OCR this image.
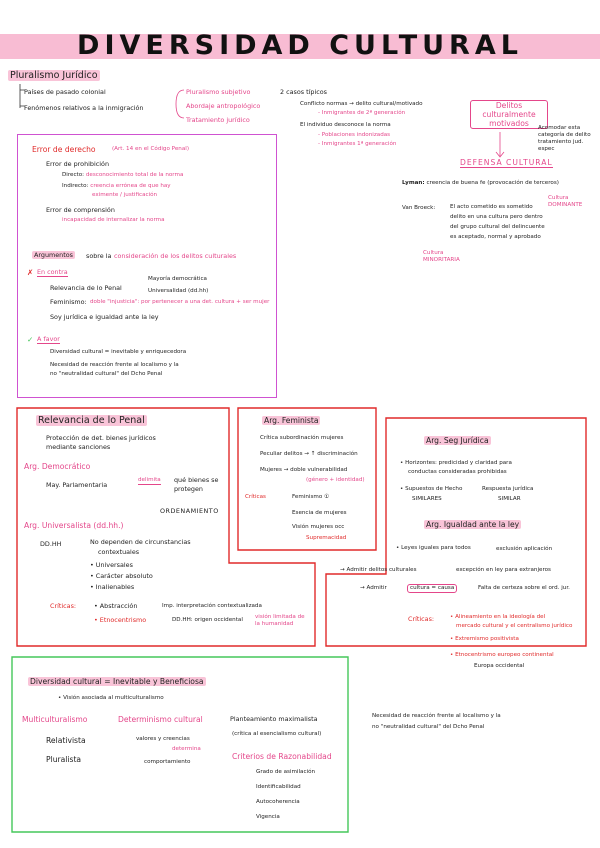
DIVERSIDAD CULTURAL
Pluralismo Jurídico
Países de pasado colonial
Fenómenos relativos a la inmigración
Pluralismo subjetivo
Abordaje antropológico
Tratamiento jurídico
2 casos típicos
Conflicto normas → delito cultural/motivado
- Inmigrantes de 2ª generación
El individuo desconoce la norma
- Poblaciones indonizadas
- Inmigrantes 1ª generación
Delitos culturalmente motivados	Acomodar esta categoría de delito tratamiento jud. espec
DEFENSA CULTURAL
Lyman: creencia de buena fe (provocación de terceros)
Van Broeck:	El acto cometido es sometido
delito en una cultura pero dentro
del grupo cultural del delincuente
es aceptado, normal y aprobado
Cultura DOMINANTE
Cultura MINORITARIA
Error de derecho	(Art. 14 en el Código Penal)
Error de prohibición
Directo: desconocimiento total de la norma
Indirecto: creencia errónea de que hay
eximente / justificación
Error de comprensión
incapacidad de internalizar la norma
Argumentos	sobre la consideración de los delitos culturales
✗ En contra
Relevancia de lo Penal
Mayoría democrática
Universalidad (dd.hh)
Feminismo: doble "injusticia": por pertenecer a una det. cultura + ser mujer
Soy jurídica e igualdad ante la ley
✓ A favor
Diversidad cultural = inevitable y enriquecedora
Necesidad de reacción frente al localismo y la
no "neutralidad cultural" del Dcho Penal
Relevancia de lo Penal
Protección de det. bienes jurídicos
mediante sanciones
Arg. Democrático
May. Parlamentaria
delimita qué bienes se
protegen
ORDENAMIENTO
Arg. Universalista (dd.hh.)
DD.HH	No dependen de circunstancias
contextuales
• Universales
• Carácter absoluto
• Inalienables
Críticas:	• Abstracción	Imp. interpretación contextualizada
• Etnocentrismo	DD.HH: origen occidental visión limitada de la humanidad
Arg. Feminista
Crítica subordinación mujeres
Peculiar delitos → ↑ discriminación
Mujeres → doble vulnerabilidad
(género + identidad)
Críticas	Feminismo ①
Esencia de mujeres
Visión mujeres occ
Supremacidad
Arg. Seg Jurídica
• Horizontes: predicidad y claridad para
conductas consideradas prohibidas
• Supuestos de Hecho
SIMILARES
Respuesta jurídica
SIMILAR
Arg. Igualdad ante la ley
• Leyes iguales para todos	exclusión aplicación
→ Admitir delitos culturales	excepción en ley para extranjeros
→ Admitir	cultura = causa	Falta de certeza sobre el ord. jur.
Críticas:	• Alineamiento en la ideología del
mercado cultural y el centralismo jurídico
• Extremismo positivista
• Etnocentrismo europeo continental
Europa occidental
Diversidad cultural = Inevitable y Beneficiosa
• Visión asociada al multiculturalismo
Multiculturalismo
Relativista
Pluralista
Determinismo cultural
valores y creencias
determina
comportamiento
Planteamiento maximalista
(crítica al esencialismo cultural)
Criterios de Razonabilidad
Grado de asimilación
Identificabilidad
Autocoherencia
Vigencia
Necesidad de reacción frente al localismo y la
no "neutralidad cultural" del Dcho Penal
